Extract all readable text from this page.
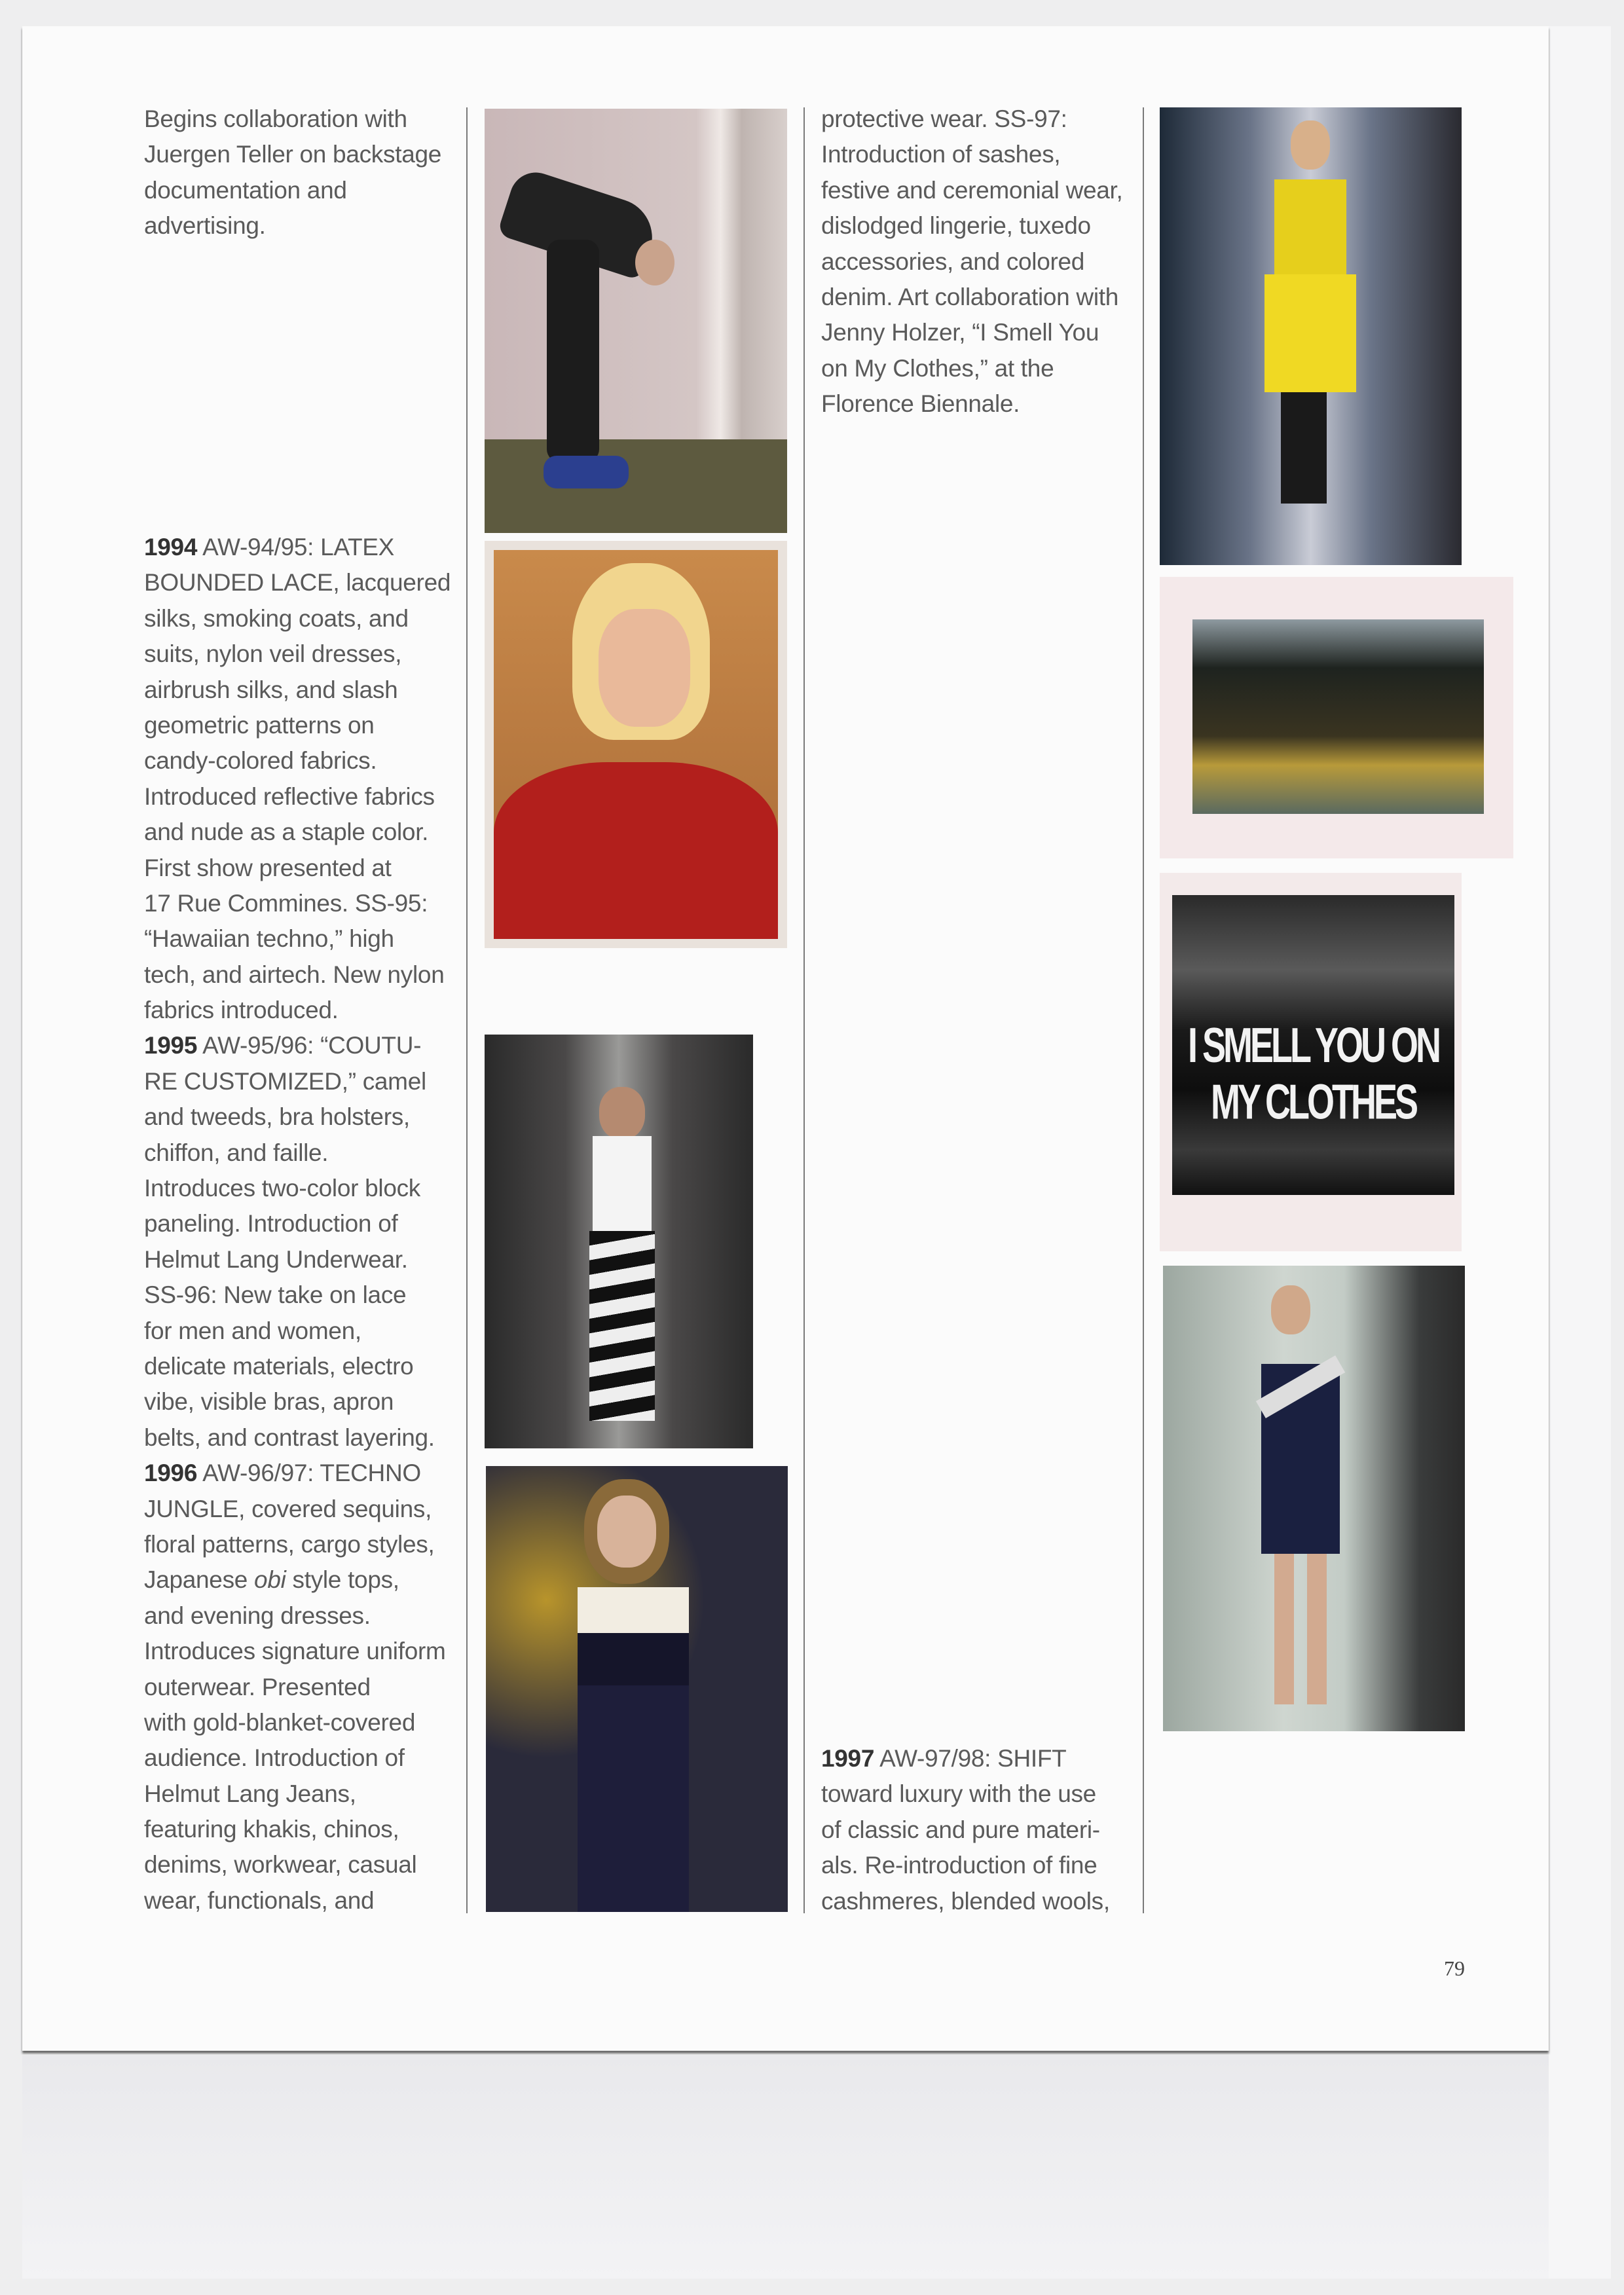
Begins collaboration with
Juergen Teller on backstage
documentation and
advertising.
1994 AW-94/95: LATEX
BOUNDED LACE, lacquered
silks, smoking coats, and
suits, nylon veil dresses,
airbrush silks, and slash
geometric patterns on
candy-colored fabrics.
Introduced reflective fabrics
and nude as a staple color.
First show presented at
17 Rue Commines. SS-95:
“Hawaiian techno,” high
tech, and airtech. New nylon
fabrics introduced.
1995 AW-95/96: “COUTU-
RE CUSTOMIZED,” camel
and tweeds, bra holsters,
chiffon, and faille.
Introduces two-color block
paneling. Introduction of
Helmut Lang Underwear.
SS-96: New take on lace
for men and women,
delicate materials, electro
vibe, visible bras, apron
belts, and contrast layering.
1996 AW-96/97: TECHNO
JUNGLE, covered sequins,
floral patterns, cargo styles,
Japanese obi style tops,
and evening dresses.
Introduces signature uniform
outerwear. Presented
with gold-blanket-covered
audience. Introduction of
Helmut Lang Jeans,
featuring khakis, chinos,
denims, workwear, casual
wear, functionals, and
protective wear. SS-97:
Introduction of sashes,
festive and ceremonial wear,
dislodged lingerie, tuxedo
accessories, and colored
denim. Art collaboration with
Jenny Holzer, “I Smell You
on My Clothes,” at the
Florence Biennale.
1997 AW-97/98: SHIFT
toward luxury with the use
of classic and pure materi-
als. Re-introduction of fine
cashmeres, blended wools,
I SMELL YOU ON MY CLOTHES
79
